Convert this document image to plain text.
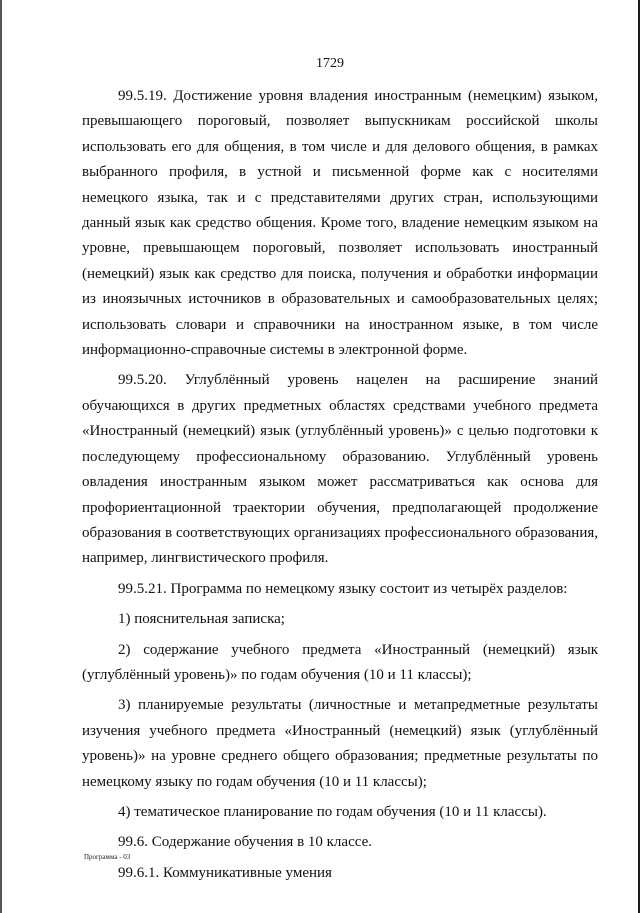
1729

99.5.19. Достижение уровня владения иностранным (немецким) языком, превышающего пороговый, позволяет выпускникам российской школы использовать его для общения, в том числе и для делового общения, в рамках выбранного профиля, в устной и письменной форме как с носителями немецкого языка, так и с представителями других стран, использующими данный язык как средство общения. Кроме того, владение немецким языком на уровне, превышающем пороговый, позволяет использовать иностранный (немецкий) язык как средство для поиска, получения и обработки информации из иноязычных источников в образовательных и самообразовательных целях; использовать словари и справочники на иностранном языке, в том числе информационно-справочные системы в электронной форме.

99.5.20. Углублённый уровень нацелен на расширение знаний обучающихся в других предметных областях средствами учебного предмета «Иностранный (немецкий) язык (углублённый уровень)» с целью подготовки к последующему профессиональному образованию. Углублённый уровень овладения иностранным языком может рассматриваться как основа для профориентационной траектории обучения, предполагающей продолжение образования в соответствующих организациях профессионального образования, например, лингвистического профиля.

99.5.21. Программа по немецкому языку состоит из четырёх разделов:

1) пояснительная записка;

2) содержание учебного предмета «Иностранный (немецкий) язык (углублённый уровень)» по годам обучения (10 и 11 классы);

3) планируемые результаты (личностные и метапредметные результаты изучения учебного предмета «Иностранный (немецкий) язык (углублённый уровень)» на уровне среднего общего образования; предметные результаты по немецкому языку по годам обучения (10 и 11 классы);

4) тематическое планирование по годам обучения (10 и 11 классы).

99.6. Содержание обучения в 10 классе.

99.6.1. Коммуникативные умения

Программа - 03
